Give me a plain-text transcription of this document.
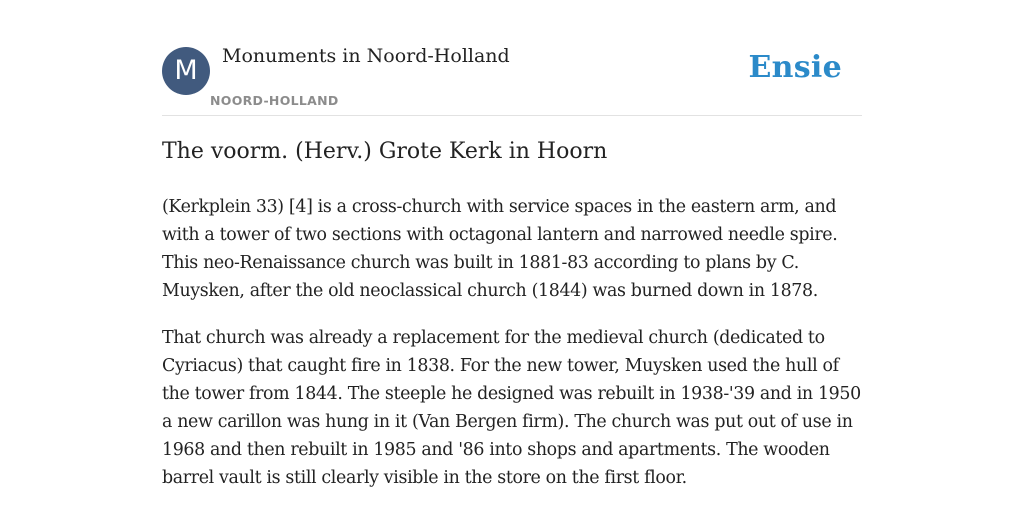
M	Monuments in Noord-Holland
NOORD-HOLLAND
Ensie
The voorm. (Herv.) Grote Kerk in Hoorn

(Kerkplein 33) [4] is a cross-church with service spaces in the eastern arm, and with a tower of two sections with octagonal lantern and narrowed needle spire. This neo-Renaissance church was built in 1881-83 according to plans by C. Muysken, after the old neoclassical church (1844) was burned down in 1878.

That church was already a replacement for the medieval church (dedicated to Cyriacus) that caught fire in 1838. For the new tower, Muysken used the hull of the tower from 1844. The steeple he designed was rebuilt in 1938-'39 and in 1950 a new carillon was hung in it (Van Bergen firm). The church was put out of use in 1968 and then rebuilt in 1985 and '86 into shops and apartments. The wooden barrel vault is still clearly visible in the store on the first floor.
